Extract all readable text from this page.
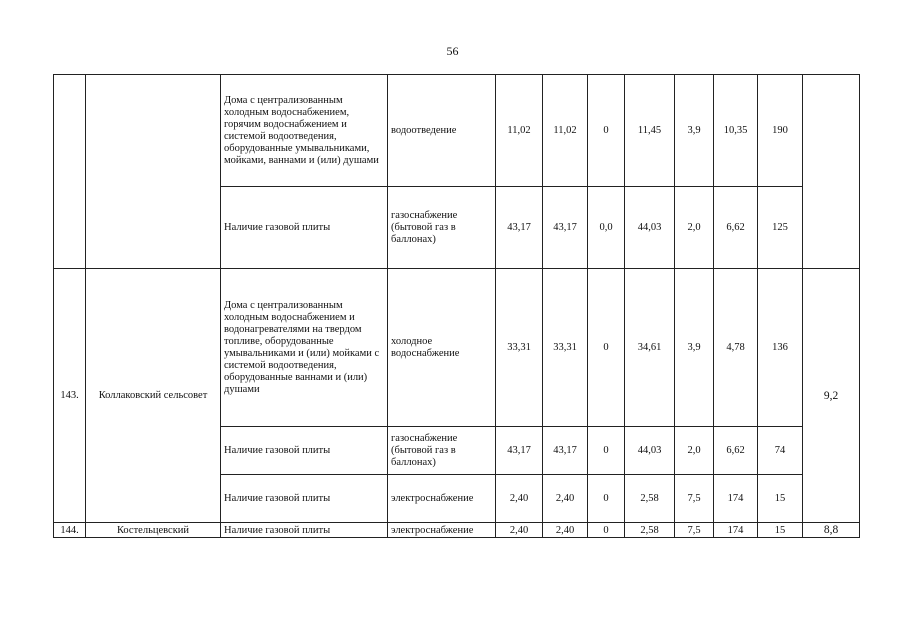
56
		Дома с централизованным холодным водоснабжением, горячим водоснабжением и системой водоотведения, оборудованные умывальниками, мойками, ваннами и (или) душами	водоотведение	11,02	11,02	0	11,45	3,9	10,35	190	
		Наличие газовой плиты	газоснабжение (бытовой газ в баллонах)	43,17	43,17	0,0	44,03	2,0	6,62	125	
143.	Коллаковский сельсовет	Дома с централизованным холодным водоснабжением и водонагревателями на твердом топливе, оборудованные умывальниками и (или) мойками с системой водоотведения, оборудованные ваннами и (или) душами	холодное водоснабжение	33,31	33,31	0	34,61	3,9	4,78	136	9,2
		Наличие газовой плиты	газоснабжение (бытовой газ в баллонах)	43,17	43,17	0	44,03	2,0	6,62	74	
		Наличие газовой плиты	электроснабжение	2,40	2,40	0	2,58	7,5	174	15	
144.	Костельцевский	Наличие газовой плиты	электроснабжение	2,40	2,40	0	2,58	7,5	174	15	8,8
